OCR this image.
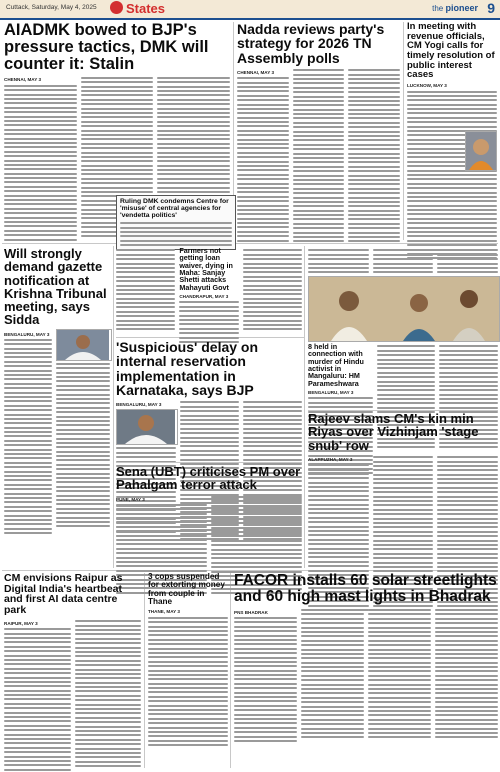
Cuttack, Saturday, May 4, 2025 States	the pioneer 9
AIADMK bowed to BJP's pressure tactics, DMK will counter it: Stalin
CHENNAI, MAY 3
Nadda reviews party's strategy for 2026 TN Assembly polls
CHENNAI, MAY 3
In meeting with revenue officials, CM Yogi calls for timely resolution of public interest cases
LUCKNOW, MAY 3
Ruling DMK condemns Centre for 'misuse' of central agencies for 'vendetta politics'
Will strongly demand gazette notification at Krishna Tribunal meeting, says Sidda
BENGALURU, MAY 3
Farmers not getting loan waiver, dying in Maha: Sanjay Shetti attacks Mahayuti Govt
CHANDRAPUR, MAY 3
'Suspicious' delay on internal reservation implementation in Karnataka, says BJP
BENGALURU, MAY 3
Sena (UBT) criticises PM over Pahalgam terror attack
PUNE, MAY 3
8 held in connection with murder of Hindu activist in Mangaluru: HM Parameshwara
BENGALURU, MAY 3
Rajeev slams CM's kin min Riyas over Vizhinjam 'stage snub' row
ALAPPUZHA, MAY 3
CM envisions Raipur as Digital India's heartbeat and first AI data centre park
RAIPUR, MAY 3
3 cops suspended for extorting money from couple in Thane
THANE, MAY 3
FACOR installs 60 solar streetlights and 60 high mast lights in Bhadrak
PNS BHADRAK
